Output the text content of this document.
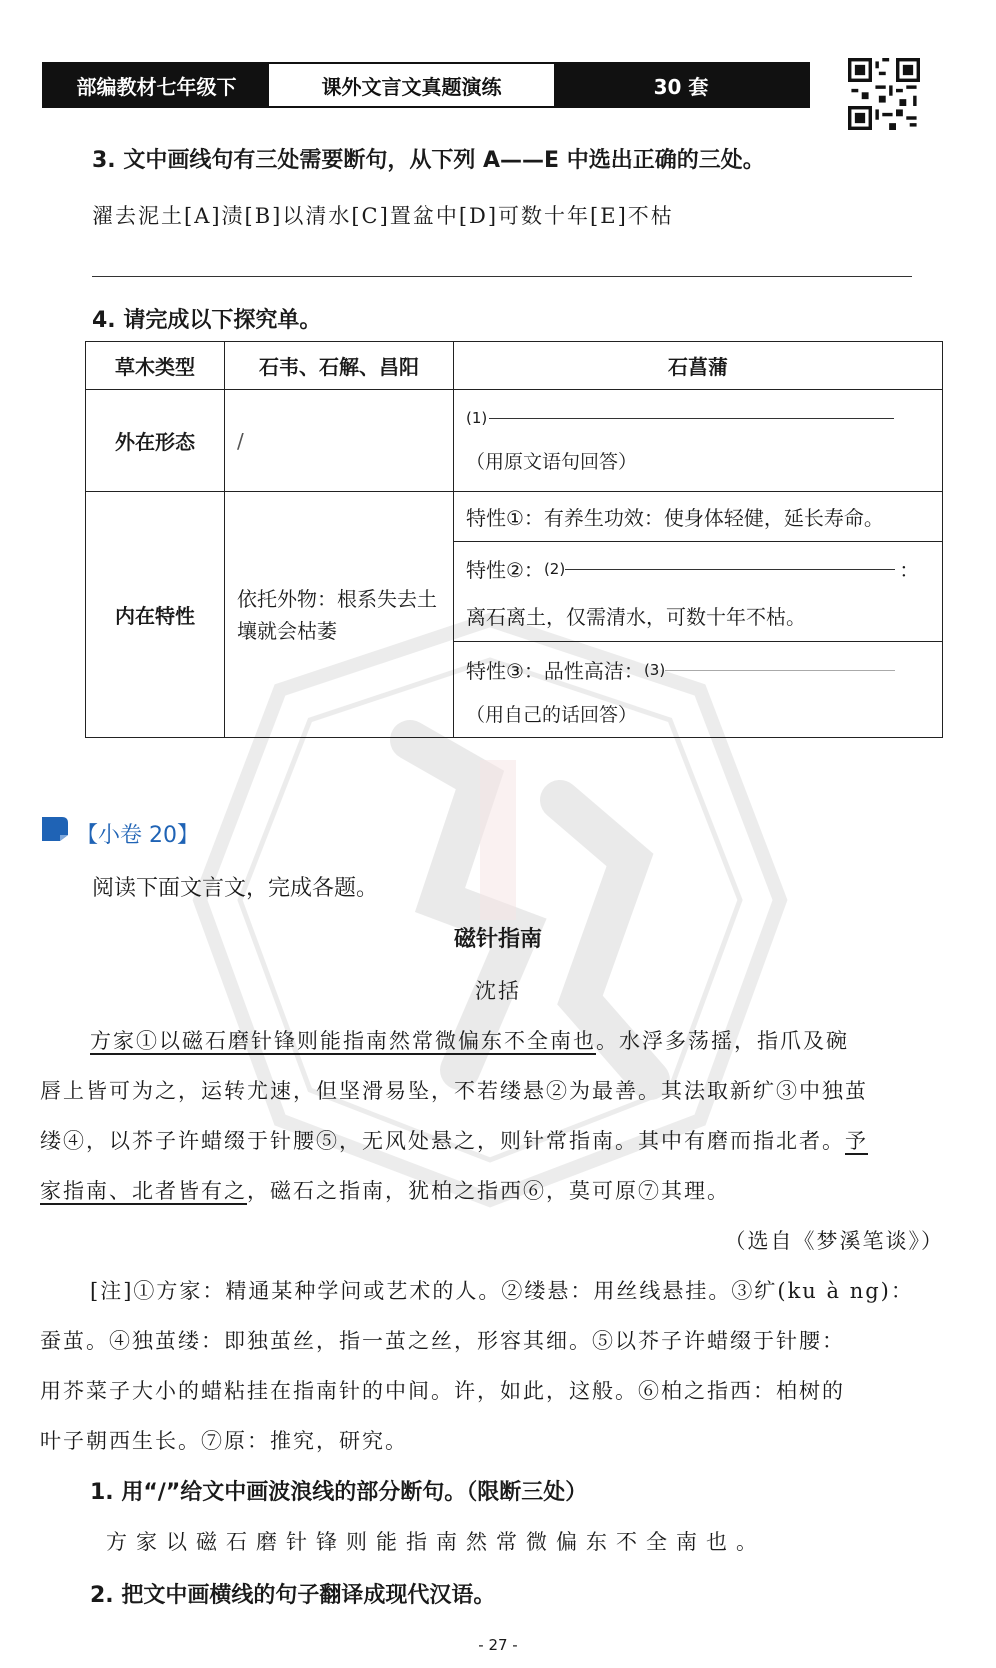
部编教材七年级下	课外文言文真题演练	30 套
3. 文中画线句有三处需要断句，从下列 A——E 中选出正确的三处。
濯去泥土[A]渍[B]以清水[C]置盆中[D]可数十年[E]不枯
4. 请完成以下探究单。
草木类型	石韦、石解、昌阳	石菖蒲
外在形态	/	(1)
（用原文语句回答）

内在特性	依托外物：根系失去土壤就会枯萎	特性①：有养生功效：使身体轻健，延长寿命。

		特性②： (2) ：
离石离土，仅需清水，可数十年不枯。

		特性③：品性高洁： (3)
（用自己的话回答）
【小卷 20】
阅读下面文言文，完成各题。
磁针指南
沈括
方家①以磁石磨针锋则能指南然常微偏东不全南也。水浮多荡摇，指爪及碗
唇上皆可为之，运转尤速，但坚滑易坠，不若缕悬②为最善。其法取新纩③中独茧
缕④，以芥子许蜡缀于针腰⑤，无风处悬之，则针常指南。其中有磨而指北者。予
家指南、北者皆有之，磁石之指南，犹柏之指西⑥，莫可原⑦其理。
（选自《梦溪笔谈》）
[注]①方家：精通某种学问或艺术的人。②缕悬：用丝线悬挂。③纩(ku à ng)：
蚕茧。④独茧缕：即独茧丝，指一茧之丝，形容其细。⑤以芥子许蜡缀于针腰：
用芥菜子大小的蜡粘挂在指南针的中间。许，如此，这般。⑥柏之指西：柏树的
叶子朝西生长。⑦原：推究，研究。
1. 用“/”给文中画波浪线的部分断句。（限断三处）
方家以磁石磨针锋则能指南然常微偏东不全南也。
2. 把文中画横线的句子翻译成现代汉语。
- 27 -
